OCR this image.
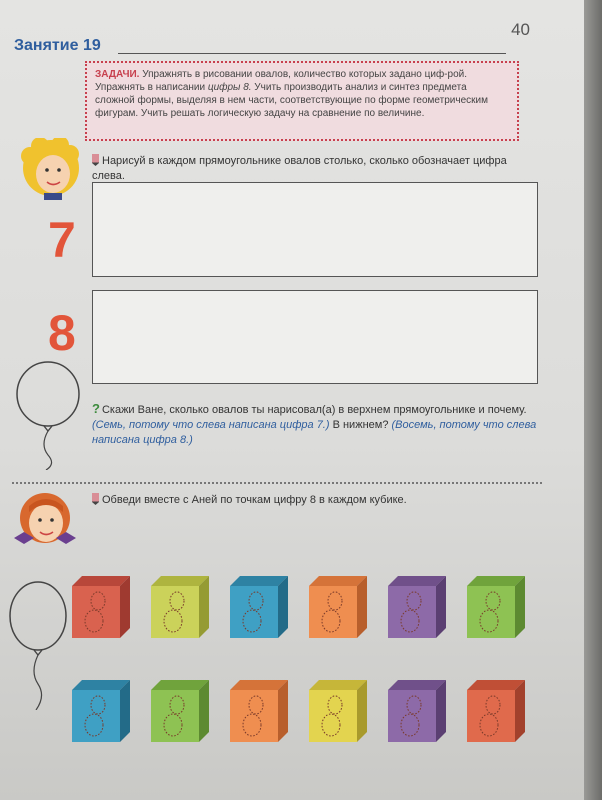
40
Занятие 19
ЗАДАЧИ. Упражнять в рисовании овалов, количество которых задано циф-рой. Упражнять в написании цифры 8. Учить производить анализ и синтез предмета сложной формы, выделяя в нем части, соответствующие по форме геометрическим фигурам. Учить решать логическую задачу на сравнение по величине.
Нарисуй в каждом прямоугольнике овалов столько, сколько обозначает цифра слева.
7
8
? Скажи Ване, сколько овалов ты нарисовал(а) в верхнем прямоугольнике и почему. (Семь, потому что слева написана цифра 7.) В нижнем? (Восемь, потому что слева написана цифра 8.)
Обведи вместе с Аней по точкам цифру 8 в каждом кубике.
